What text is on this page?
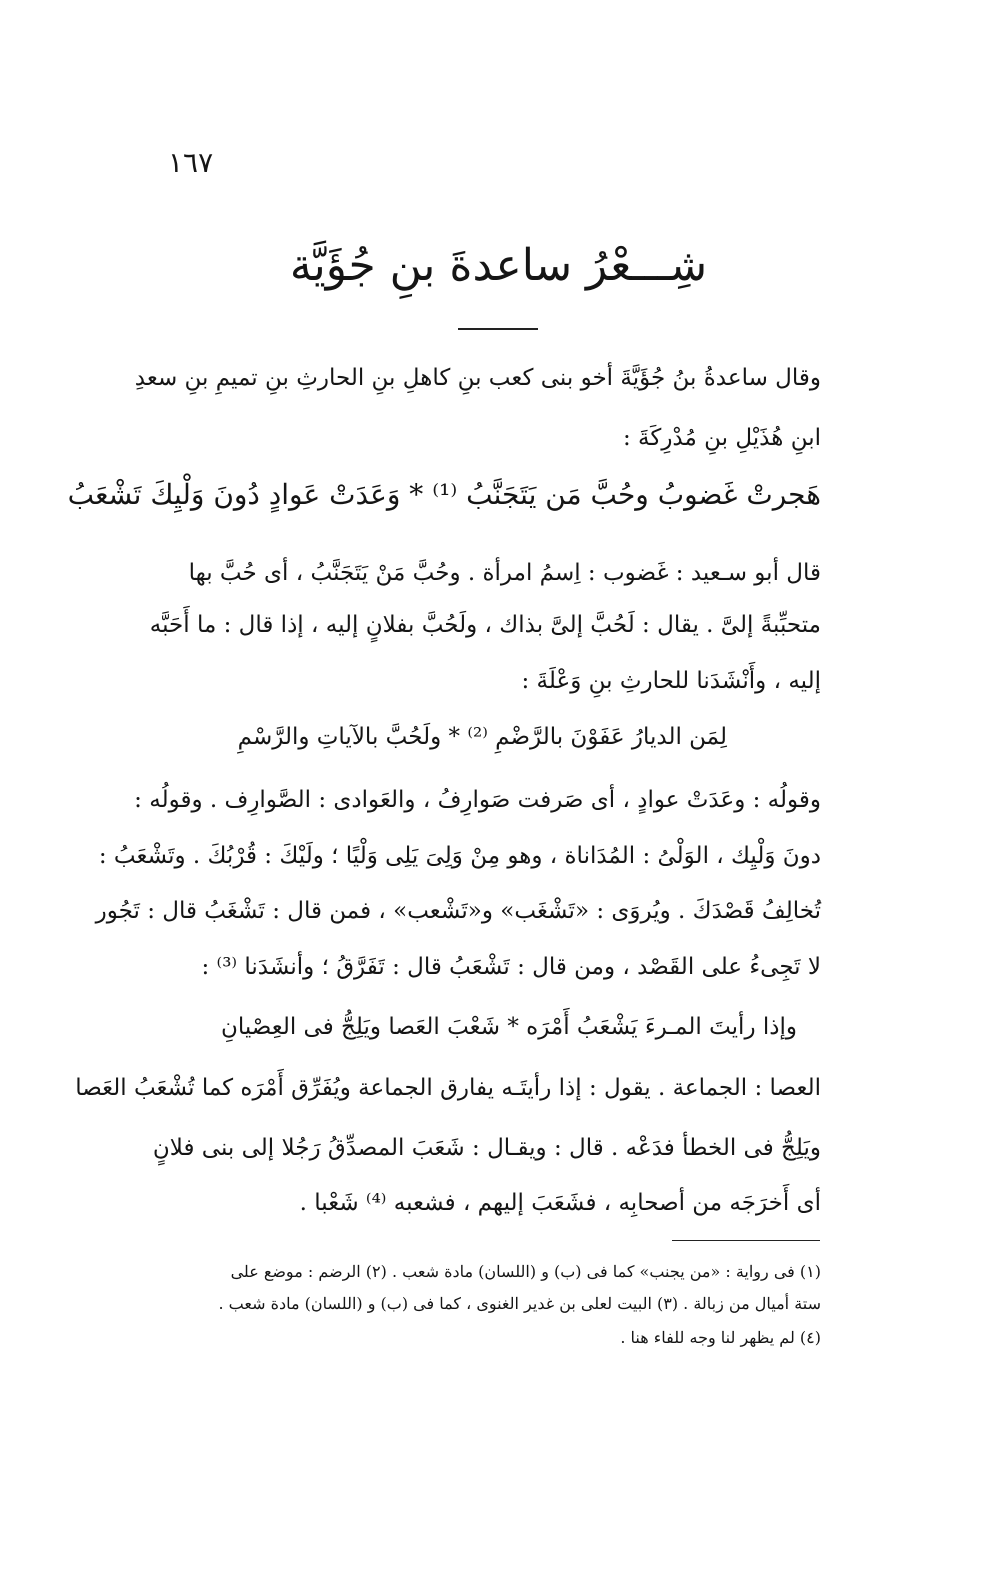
١٦٧
شِـــعْرُ ساعدةَ بنِ جُؤَيَّة
وقال ساعدةُ بنُ جُؤَيَّةَ أخو بنى كعب بنِ كاهلِ بنِ الحارثِ بنِ تميمِ بنِ سعدِ
ابنِ هُذَيْلِ بنِ مُدْرِكَةَ :
هَجرتْ غَضوبُ وحُبَّ مَن يَتَجَنَّبُ ⁽¹⁾ * وَعَدَتْ عَوادٍ دُونَ وَلْيِكَ تَشْعَبُ
قال أبو سـعيد : غَضوب : اِسمُ امرأة . وحُبَّ مَنْ يَتَجَنَّبُ ، أى حُبَّ بها
متحبِّبةً إلىَّ . يقال : لَحُبَّ إلىَّ بذاك ، ولَحُبَّ بفلانٍ إليه ، إذا قال : ما أَحَبَّه
إليه ، وأَنْشَدَنا للحارثِ بنِ وَعْلَةَ :
لِمَن الديارُ عَفَوْنَ بالرَّضْمِ ⁽²⁾ * ولَحُبَّ بالآياتِ والرَّسْمِ
وقولُه : وعَدَتْ عوادٍ ، أى صَرفت صَوارِفُ ، والعَوادى : الصَّوارِف . وقولُه :
دونَ وَلْيِك ، الوَلْىُ : المُدَاناة ، وهو مِنْ وَلِىَ يَلِى وَلْيًا ؛ ولَيْكَ : قُرْبُكَ . وتَشْعَبُ :
تُخالِفُ قَصْدَكَ . ويُروَى : «تَشْغَب» و«تَشْعب» ، فمن قال : تَشْغَبُ قال : تَجُور
لا تَجِىءُ على القَصْد ، ومن قال : تَشْعَبُ قال : تَفَرَّقُ ؛ وأنشَدَنا ⁽³⁾ :
وإذا رأيتَ المـرءَ يَشْعَبُ أَمْرَه * شَعْبَ العَصا ويَلِجُّ فى العِصْيانِ
العصا : الجماعة . يقول : إذا رأيتَـه يفارق الجماعة ويُفَرِّق أَمْرَه كما تُشْعَبُ العَصا
ويَلِجُّ فى الخطأ فدَعْه . قال : ويقـال : شَعَبَ المصدِّقُ رَجُلا إلى بنى فلانٍ
أى أَخرَجَه من أصحابِه ، فشَعَبَ إليهم ، فشعبه ⁽⁴⁾ شَعْبا .
(١) فى رواية : «من يجنب» كما فى (ب) و (اللسان) مادة شعب . (٢) الرضم : موضع على
ستة أميال من زبالة . (٣) البيت لعلى بن غدير الغنوى ، كما فى (ب) و (اللسان) مادة شعب .
(٤) لم يظهر لنا وجه للفاء هنا .
